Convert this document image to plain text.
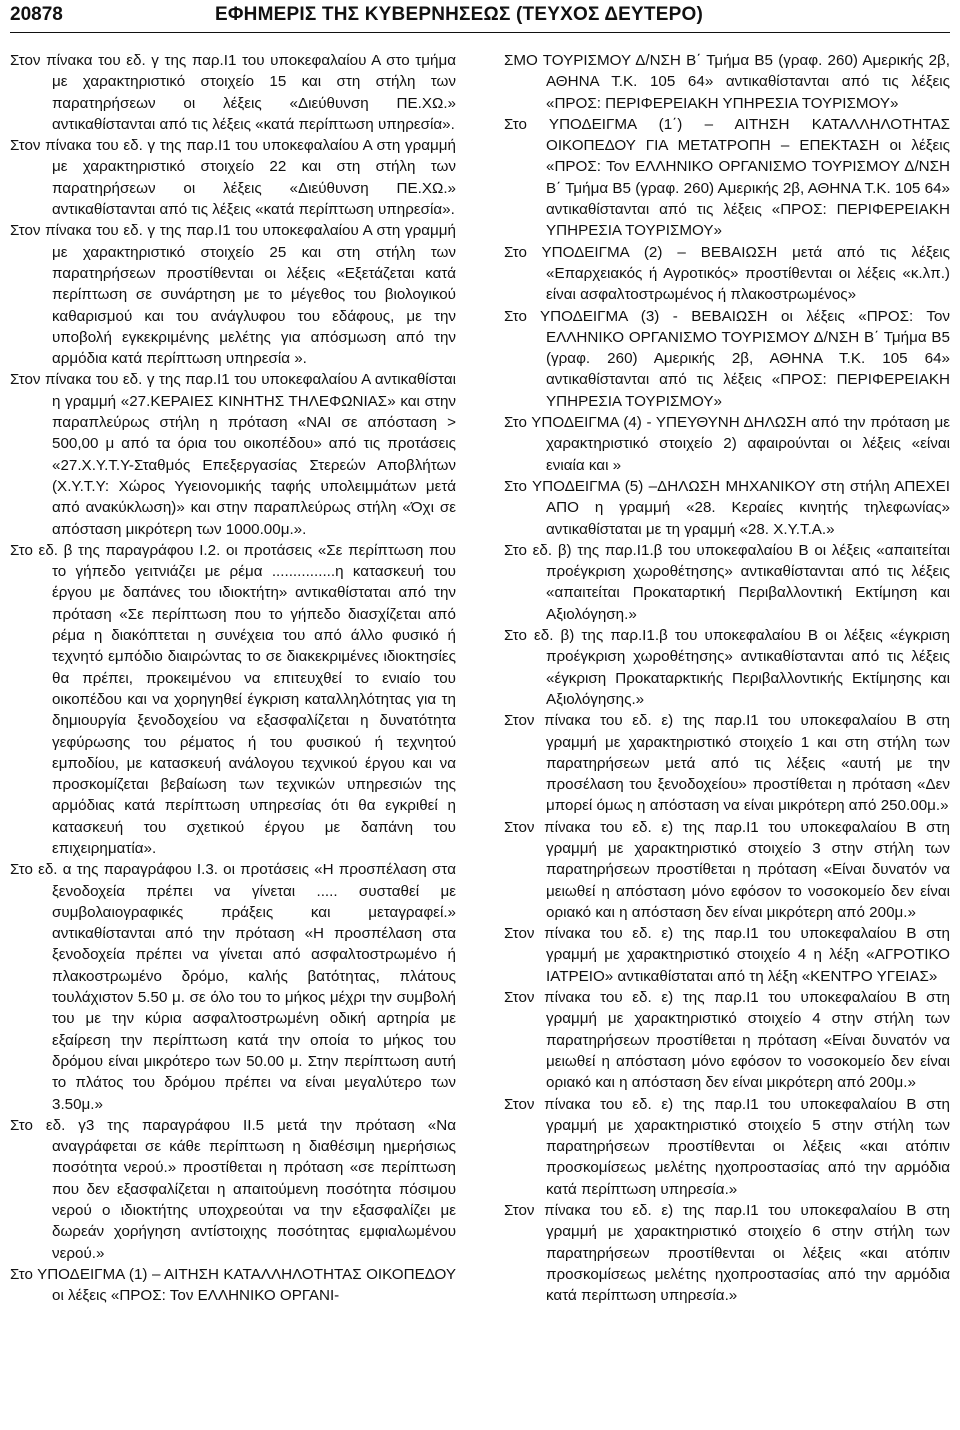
20878	ΕΦΗΜΕΡΙΣ ΤΗΣ ΚΥΒΕΡΝΗΣΕΩΣ (ΤΕΥΧΟΣ ΔΕΥΤΕΡΟ)

Στον πίνακα του εδ. γ της παρ.Ι1 του υποκεφαλαίου Α στο τμήμα με χαρακτηριστικό στοιχείο 15 και στη στήλη των παρατηρήσεων οι λέξεις «Διεύθυνση ΠΕ.ΧΩ.» αντικαθίστανται από τις λέξεις «κατά περίπτωση υπηρεσία».

Στον πίνακα του εδ. γ της παρ.Ι1 του υποκεφαλαίου Α στη γραμμή με χαρακτηριστικό στοιχείο 22 και στη στήλη των παρατηρήσεων οι λέξεις «Διεύθυνση ΠΕ.ΧΩ.» αντικαθίστανται από τις λέξεις «κατά περίπτωση υπηρεσία».

Στον πίνακα του εδ. γ της παρ.Ι1 του υποκεφαλαίου Α στη γραμμή με χαρακτηριστικό στοιχείο 25 και στη στήλη των παρατηρήσεων προστίθενται οι λέξεις «Εξετάζεται κατά περίπτωση σε συνάρτηση με το μέγεθος του βιολογικού καθαρισμού και του ανάγλυφου του εδάφους, με την υποβολή εγκεκριμένης μελέτης για απόσμωση από την αρμόδια κατά περίπτωση υπηρεσία ».

Στον πίνακα του εδ. γ της παρ.Ι1 του υποκεφαλαίου Α αντικαθίσται η γραμμή «27.ΚΕΡΑΙΕΣ ΚΙΝΗΤΗΣ ΤΗΛΕΦΩΝΙΑΣ» και στην παραπλεύρως στήλη η πρόταση «ΝΑΙ σε απόσταση > 500,00 μ από τα όρια του οικοπέδου» από τις προτάσεις «27.Χ.Υ.Τ.Υ-Σταθμός Επεξεργασίας Στερεών Αποβλήτων (Χ.Υ.Τ.Υ: Χώρος Υγειονομικής ταφής υπολειμμάτων μετά από ανακύκλωση)» και στην παραπλεύρως στήλη «Όχι σε απόσταση μικρότερη των 1000.00μ.».

Στο εδ. β της παραγράφου Ι.2. οι προτάσεις «Σε περίπτωση που το γήπεδο γειτνιάζει με ρέμα ...............η κατασκευή του έργου με δαπάνες του ιδιοκτήτη» αντικαθίσταται από την πρόταση «Σε περίπτωση που το γήπεδο διασχίζεται από ρέμα η διακόπτεται η συνέχεια του από άλλο φυσικό ή τεχνητό εμπόδιο διαιρώντας το σε διακεκριμένες ιδιοκτησίες θα πρέπει, προκειμένου να επιτευχθεί το ενιαίο του οικοπέδου και να χορηγηθεί έγκριση καταλληλότητας για τη δημιουργία ξενοδοχείου να εξασφαλίζεται η δυνατότητα γεφύρωσης του ρέματος ή του φυσικού ή τεχνητού εμποδίου, με κατασκευή ανάλογου τεχνικού έργου και να προσκομίζεται βεβαίωση των τεχνικών υπηρεσιών της αρμόδιας κατά περίπτωση υπηρεσίας ότι θα εγκριθεί η κατασκευή του σχετικού έργου με δαπάνη του επιχειρηματία».

Στο εδ. α της παραγράφου Ι.3. οι προτάσεις «Η προσπέλαση στα ξενοδοχεία πρέπει να γίνεται ..... συσταθεί με συμβολαιογραφικές πράξεις και μεταγραφεί.» αντικαθίστανται από την πρόταση «Η προσπέλαση στα ξενοδοχεία πρέπει να γίνεται από ασφαλτοστρωμένο ή πλακοστρωμένο δρόμο, καλής βατότητας, πλάτους τουλάχιστον 5.50 μ. σε όλο του το μήκος μέχρι την συμβολή του με την κύρια ασφαλτοστρωμένη οδική αρτηρία με εξαίρεση την περίπτωση κατά την οποία το μήκος του δρόμου είναι μικρότερο των 50.00 μ. Στην περίπτωση αυτή το πλάτος του δρόμου πρέπει να είναι μεγαλύτερο των 3.50μ.»

Στο εδ. γ3 της παραγράφου ΙΙ.5 μετά την πρόταση «Να αναγράφεται σε κάθε περίπτωση η διαθέσιμη ημερήσιως ποσότητα νερού.» προστίθεται η πρόταση «σε περίπτωση που δεν εξασφαλίζεται η απαιτούμενη ποσότητα πόσιμου νερού ο ιδιοκτήτης υποχρεούται να την εξασφαλίζει με δωρεάν χορήγηση αντίστοιχης ποσότητας εμφιαλωμένου νερού.»

Στο ΥΠΟΔΕΙΓΜΑ (1) – ΑΙΤΗΣΗ ΚΑΤΑΛΛΗΛΟΤΗΤΑΣ ΟΙΚΟΠΕΔΟΥ οι λέξεις «ΠΡΟΣ: Τον ΕΛΛΗΝΙΚΟ ΟΡΓΑΝΙ-

ΣΜΟ ΤΟΥΡΙΣΜΟΥ Δ/ΝΣΗ Β΄ Τμήμα Β5 (γραφ. 260) Αμερικής 2β, ΑΘΗΝΑ Τ.Κ. 105 64» αντικαθίστανται από τις λέξεις «ΠΡΟΣ: ΠΕΡΙΦΕΡΕΙΑΚΗ ΥΠΗΡΕΣΙΑ ΤΟΥΡΙΣΜΟΥ»

Στο ΥΠΟΔΕΙΓΜΑ (1΄) – ΑΙΤΗΣΗ ΚΑΤΑΛΛΗΛΟΤΗΤΑΣ ΟΙΚΟΠΕΔΟΥ ΓΙΑ ΜΕΤΑΤΡΟΠΗ – ΕΠΕΚΤΑΣΗ οι λέξεις «ΠΡΟΣ: Τον ΕΛΛΗΝΙΚΟ ΟΡΓΑΝΙΣΜΟ ΤΟΥΡΙΣΜΟΥ Δ/ΝΣΗ Β΄ Τμήμα Β5 (γραφ. 260) Αμερικής 2β, ΑΘΗΝΑ Τ.Κ. 105 64» αντικαθίστανται από τις λέξεις «ΠΡΟΣ: ΠΕΡΙΦΕΡΕΙΑΚΗ ΥΠΗΡΕΣΙΑ ΤΟΥΡΙΣΜΟΥ»

Στο ΥΠΟΔΕΙΓΜΑ (2) – ΒΕΒΑΙΩΣΗ μετά από τις λέξεις «Επαρχειακός ή Αγροτικός» προστίθενται οι λέξεις «κ.λπ.) είναι ασφαλτοστρωμένος ή πλακοστρωμένος»

Στο ΥΠΟΔΕΙΓΜΑ (3) - ΒΕΒΑΙΩΣΗ οι λέξεις «ΠΡΟΣ: Τον ΕΛΛΗΝΙΚΟ ΟΡΓΑΝΙΣΜΟ ΤΟΥΡΙΣΜΟΥ Δ/ΝΣΗ Β΄ Τμήμα Β5 (γραφ. 260) Αμερικής 2β, ΑΘΗΝΑ Τ.Κ. 105 64» αντικαθίστανται από τις λέξεις «ΠΡΟΣ: ΠΕΡΙΦΕΡΕΙΑΚΗ ΥΠΗΡΕΣΙΑ ΤΟΥΡΙΣΜΟΥ»

Στο ΥΠΟΔΕΙΓΜΑ (4) - ΥΠΕΥΘΥΝΗ ΔΗΛΩΣΗ από την πρόταση με χαρακτηριστικό στοιχείο 2) αφαιρούνται οι λέξεις «είναι ενιαία και »

Στο ΥΠΟΔΕΙΓΜΑ (5) –ΔΗΛΩΣΗ ΜΗΧΑΝΙΚΟΥ στη στήλη ΑΠΕΧΕΙ ΑΠΟ η γραμμή «28. Κεραίες κινητής τηλεφωνίας» αντικαθίσταται με τη γραμμή «28. Χ.Υ.Τ.Α.»

Στο εδ. β) της παρ.Ι1.β του υποκεφαλαίου Β οι λέξεις «απαιτείται προέγκριση χωροθέτησης» αντικαθίστανται από τις λέξεις «απαιτείται Προκαταρτική Περιβαλλοντική Εκτίμηση και Αξιολόγηση.»

Στο εδ. β) της παρ.Ι1.β του υποκεφαλαίου Β οι λέξεις «έγκριση προέγκριση χωροθέτησης» αντικαθίστανται από τις λέξεις «έγκριση Προκαταρκτικής Περιβαλλοντικής Εκτίμησης και Αξιολόγησης.»

Στον πίνακα του εδ. ε) της παρ.Ι1 του υποκεφαλαίου Β στη γραμμή με χαρακτηριστικό στοιχείο 1 και στη στήλη των παρατηρήσεων μετά από τις λέξεις «αυτή με την προσέλαση του ξενοδοχείου» προστίθεται η πρόταση «Δεν μπορεί όμως η απόσταση να είναι μικρότερη από 250.00μ.»

Στον πίνακα του εδ. ε) της παρ.Ι1 του υποκεφαλαίου Β στη γραμμή με χαρακτηριστικό στοιχείο 3 στην στήλη των παρατηρήσεων προστίθεται η πρόταση «Είναι δυνατόν να μειωθεί η απόσταση μόνο εφόσον το νοσοκομείο δεν είναι οριακό και η απόσταση δεν είναι μικρότερη από 200μ.»

Στον πίνακα του εδ. ε) της παρ.Ι1 του υποκεφαλαίου Β στη γραμμή με χαρακτηριστικό στοιχείο 4 η λέξη «ΑΓΡΟΤΙΚΟ ΙΑΤΡΕΙΟ» αντικαθίσταται από τη λέξη «ΚΕΝΤΡΟ ΥΓΕΙΑΣ»

Στον πίνακα του εδ. ε) της παρ.Ι1 του υποκεφαλαίου Β στη γραμμή με χαρακτηριστικό στοιχείο 4 στην στήλη των παρατηρήσεων προστίθεται η πρόταση «Είναι δυνατόν να μειωθεί η απόσταση μόνο εφόσον το νοσοκομείο δεν είναι οριακό και η απόσταση δεν είναι μικρότερη από 200μ.»

Στον πίνακα του εδ. ε) της παρ.Ι1 του υποκεφαλαίου Β στη γραμμή με χαρακτηριστικό στοιχείο 5 στην στήλη των παρατηρήσεων προστίθενται οι λέξεις «και ατόπιν προσκομίσεως μελέτης ηχοπροστασίας από την αρμόδια κατά περίπτωση υπηρεσία.»

Στον πίνακα του εδ. ε) της παρ.Ι1 του υποκεφαλαίου Β στη γραμμή με χαρακτηριστικό στοιχείο 6 στην στήλη των παρατηρήσεων προστίθενται οι λέξεις «και ατόπιν προσκομίσεως μελέτης ηχοπροστασίας από την αρμόδια κατά περίπτωση υπηρεσία.»
